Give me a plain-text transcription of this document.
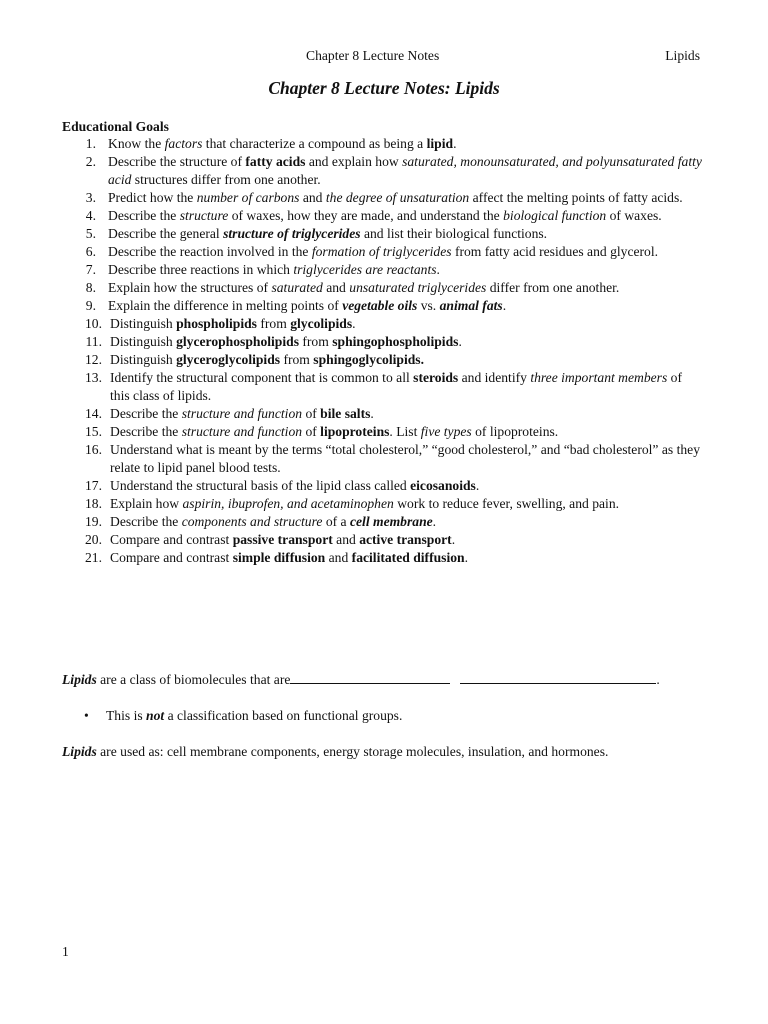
Chapter 8 Lecture Notes	Lipids
Chapter 8 Lecture Notes: Lipids
Educational Goals
1. Know the factors that characterize a compound as being a lipid.
2. Describe the structure of fatty acids and explain how saturated, monounsaturated, and polyunsaturated fatty acid structures differ from one another.
3. Predict how the number of carbons and the degree of unsaturation affect the melting points of fatty acids.
4. Describe the structure of waxes, how they are made, and understand the biological function of waxes.
5. Describe the general structure of triglycerides and list their biological functions.
6. Describe the reaction involved in the formation of triglycerides from fatty acid residues and glycerol.
7. Describe three reactions in which triglycerides are reactants.
8. Explain how the structures of saturated and unsaturated triglycerides differ from one another.
9. Explain the difference in melting points of vegetable oils vs. animal fats.
10. Distinguish phospholipids from glycolipids.
11. Distinguish glycerophospholipids from sphingophospholipids.
12. Distinguish glyceroglycolipids from sphingoglycolipids.
13. Identify the structural component that is common to all steroids and identify three important members of this class of lipids.
14. Describe the structure and function of bile salts.
15. Describe the structure and function of lipoproteins. List five types of lipoproteins.
16. Understand what is meant by the terms “total cholesterol,” “good cholesterol,” and “bad cholesterol” as they relate to lipid panel blood tests.
17. Understand the structural basis of the lipid class called eicosanoids.
18. Explain how aspirin, ibuprofen, and acetaminophen work to reduce fever, swelling, and pain.
19. Describe the components and structure of a cell membrane.
20. Compare and contrast passive transport and active transport.
21. Compare and contrast simple diffusion and facilitated diffusion.
Lipids are a class of biomolecules that are	.
• This is not a classification based on functional groups.
Lipids are used as: cell membrane components, energy storage molecules, insulation, and hormones.
1
